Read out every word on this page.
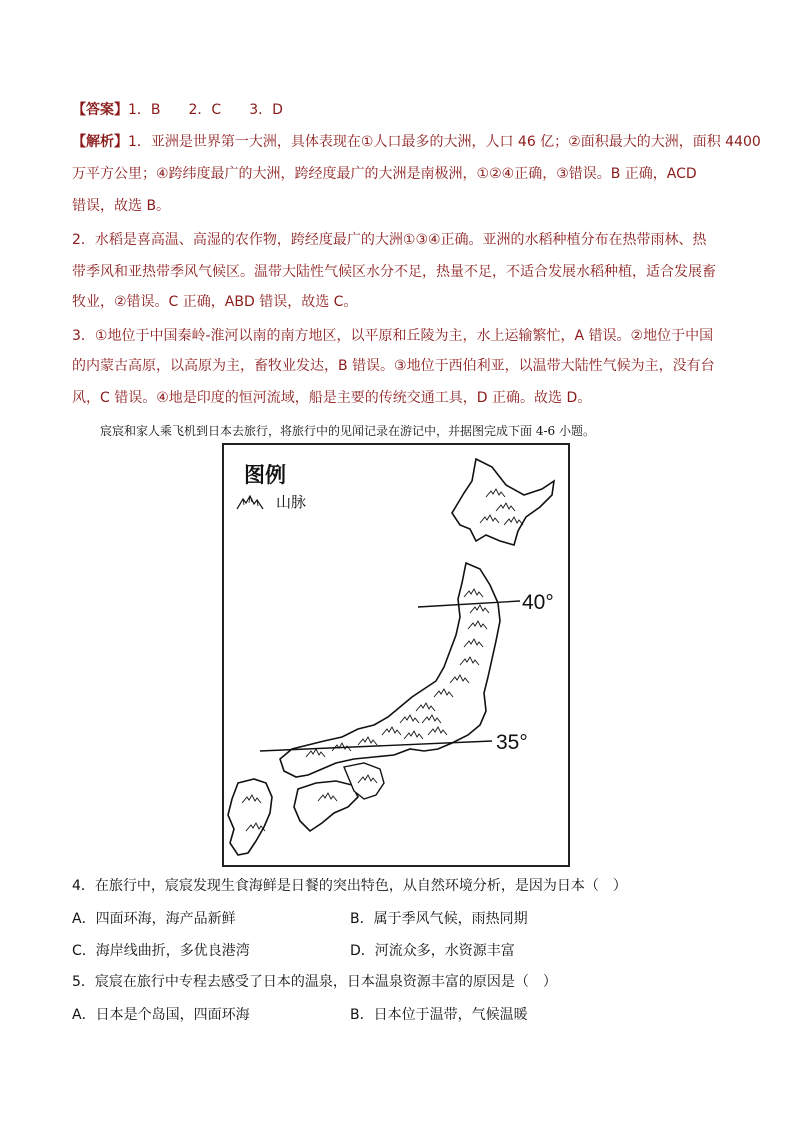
【答案】1．B　　2．C　　3．D
【解析】1．亚洲是世界第一大洲，具体表现在①人口最多的大洲，人口 46 亿；②面积最大的大洲，面积 4400
万平方公里；④跨纬度最广的大洲，跨经度最广的大洲是南极洲，①②④正确，③错误。B 正确，ACD
错误，故选 B。
2．水稻是喜高温、高湿的农作物，跨经度最广的大洲①③④正确。亚洲的水稻种植分布在热带雨林、热
带季风和亚热带季风气候区。温带大陆性气候区水分不足，热量不足，不适合发展水稻种植，适合发展畜
牧业，②错误。C 正确，ABD 错误，故选 C。
3．①地位于中国秦岭-淮河以南的南方地区，以平原和丘陵为主，水上运输繁忙，A 错误。②地位于中国
的内蒙古高原，以高原为主，畜牧业发达，B 错误。③地位于西伯利亚，以温带大陆性气候为主，没有台
风，C 错误。④地是印度的恒河流域，船是主要的传统交通工具，D 正确。故选 D。
宸宸和家人乘飞机到日本去旅行，将旅行中的见闻记录在游记中，并据图完成下面 4-6 小题。
图例
山脉
40°
35°
4．在旅行中，宸宸发现生食海鲜是日餐的突出特色，从自然环境分析，是因为日本（　）
A．四面环海，海产品新鲜	B．属于季风气候，雨热同期
C．海岸线曲折，多优良港湾	D．河流众多，水资源丰富
5．宸宸在旅行中专程去感受了日本的温泉，日本温泉资源丰富的原因是（　）
A．日本是个岛国，四面环海	B．日本位于温带，气候温暖
